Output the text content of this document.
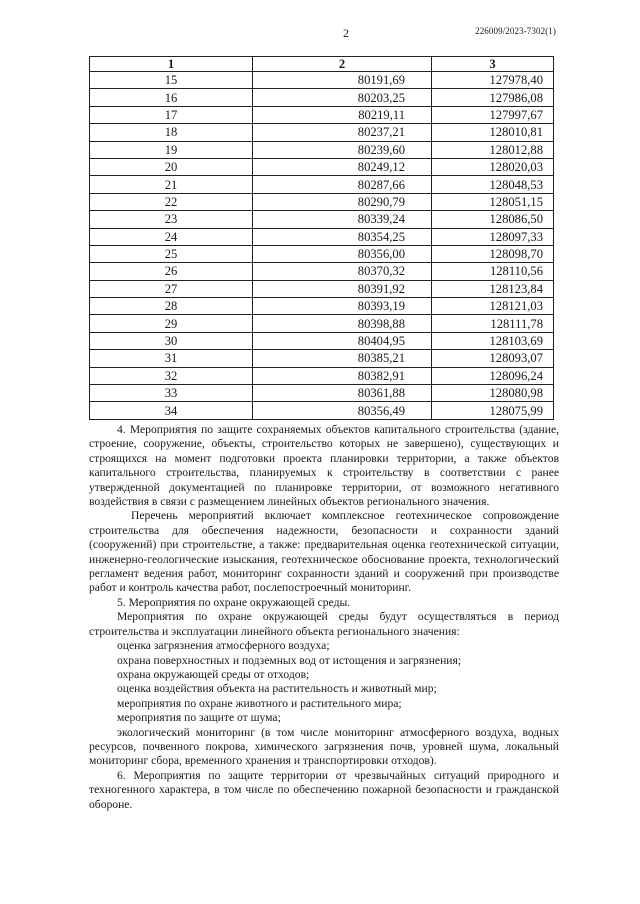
2	226009/2023-7302(1)
1	2	3
15	80191,69	127978,40
16	80203,25	127986,08
17	80219,11	127997,67
18	80237,21	128010,81
19	80239,60	128012,88
20	80249,12	128020,03
21	80287,66	128048,53
22	80290,79	128051,15
23	80339,24	128086,50
24	80354,25	128097,33
25	80356,00	128098,70
26	80370,32	128110,56
27	80391,92	128123,84
28	80393,19	128121,03
29	80398,88	128111,78
30	80404,95	128103,69
31	80385,21	128093,07
32	80382,91	128096,24
33	80361,88	128080,98
34	80356,49	128075,99

4. Мероприятия по защите сохраняемых объектов капитального строительства (здание, строение, сооружение, объекты, строительство которых не завершено), существующих и строящихся на момент подготовки проекта планировки территории, а также объектов капитального строительства, планируемых к строительству в соответствии с ранее утвержденной документацией по планировке территории, от возможного негативного воздействия в связи с размещением линейных объектов регионального значения.

Перечень мероприятий включает комплексное геотехническое сопровождение строительства для обеспечения надежности, безопасности и сохранности зданий (сооружений) при строительстве, а также: предварительная оценка геотехнической ситуации, инженерно-геологические изыскания, геотехническое обоснование проекта, технологический регламент ведения работ, мониторинг сохранности зданий и сооружений при производстве работ и контроль качества работ, послепостроечный мониторинг.

5. Мероприятия по охране окружающей среды.

Мероприятия по охране окружающей среды будут осуществляться в период строительства и эксплуатации линейного объекта регионального значения:

оценка загрязнения атмосферного воздуха;

охрана поверхностных и подземных вод от истощения и загрязнения;

охрана окружающей среды от отходов;

оценка воздействия объекта на растительность и животный мир;

мероприятия по охране животного и растительного мира;

мероприятия по защите от шума;

экологический мониторинг (в том числе мониторинг атмосферного воздуха, водных ресурсов, почвенного покрова, химического загрязнения почв, уровней шума, локальный мониторинг сбора, временного хранения и транспортировки отходов).

6. Мероприятия по защите территории от чрезвычайных ситуаций природного и техногенного характера, в том числе по обеспечению пожарной безопасности и гражданской обороне.
